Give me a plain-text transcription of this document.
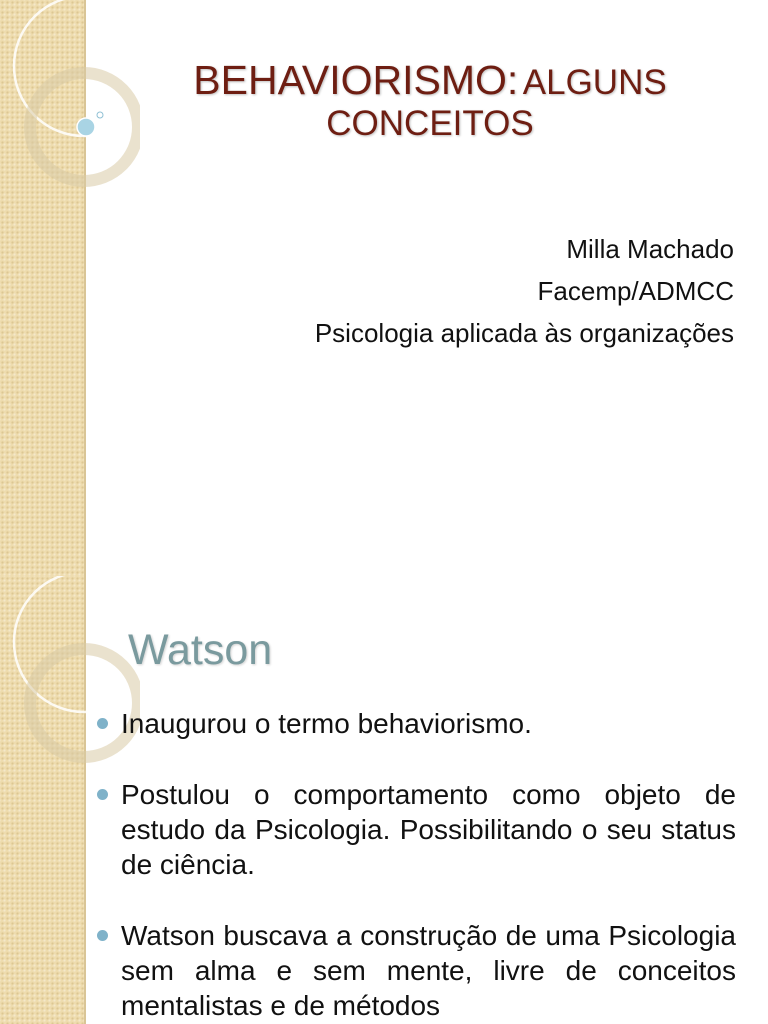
BEHAVIORISMO: ALGUNS
CONCEITOS
Milla Machado
Facemp/ADMCC
Psicologia aplicada às organizações
Watson
Inaugurou o termo behaviorismo.
Postulou o comportamento como objeto de estudo da Psicologia. Possibilitando o seu status de ciência.
Watson buscava a construção de uma Psicologia sem alma e sem mente, livre de conceitos mentalistas e de métodos
